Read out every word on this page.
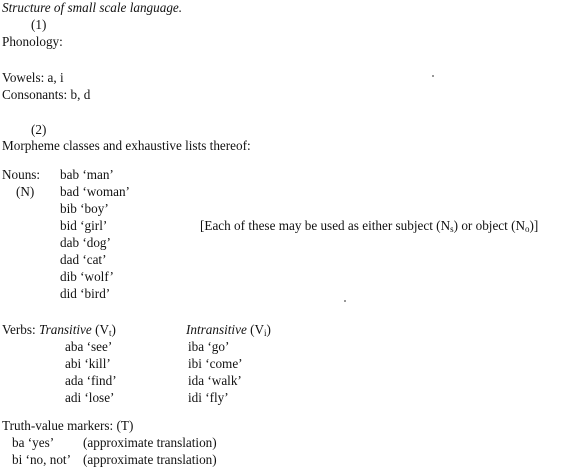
Structure of small scale language.
(1)
Phonology:
Vowels: a, i
Consonants: b, d
(2)
Morpheme classes and exhaustive lists thereof:
Nouns:
(N)
bab ‘man’
bad ‘woman’
bib ‘boy’
bid ‘girl’
dab ‘dog’
dad ‘cat’
dib ‘wolf’
did ‘bird’
[Each of these may be used as either subject $(N_s)$ or object $(N_o)$]
Verbs: Transitive $(V_t)$	Intransitive $(V_i)$
aba ‘see’
abi ‘kill’
ada ‘find’
adi ‘lose’
iba ‘go’
ibi ‘come’
ida ‘walk’
idi ‘fly’
Truth-value markers: (T)
ba ‘yes’ (approximate translation)
bi ‘no, not’ (approximate translation)
